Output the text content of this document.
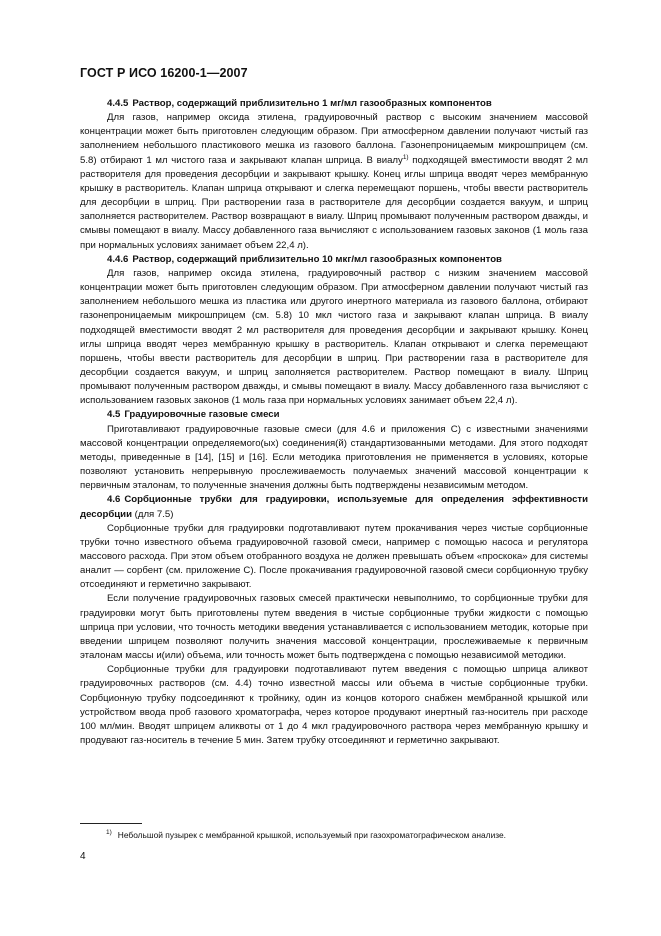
ГОСТ Р ИСО 16200-1—2007

4.4.5 Раствор, содержащий приблизительно 1 мг/мл газообразных компонентов

Для газов, например оксида этилена, градуировочный раствор с высоким значением массовой концентрации может быть приготовлен следующим образом. При атмосферном давлении получают чистый газ заполнением небольшого пластикового мешка из газового баллона. Газонепроницаемым микрошприцем (см. 5.8) отбирают 1 мл чистого газа и закрывают клапан шприца. В виалу$^{1)}$ подходящей вместимости вводят 2 мл растворителя для проведения десорбции и закрывают крышку. Конец иглы шприца вводят через мембранную крышку в растворитель. Клапан шприца открывают и слегка перемещают поршень, чтобы ввести растворитель для десорбции в шприц. При растворении газа в растворителе для десорбции создается вакуум, и шприц заполняется растворителем. Раствор возвращают в виалу. Шприц промывают полученным раствором дважды, и смывы помещают в виалу. Массу добавленного газа вычисляют с использованием газовых законов (1 моль газа при нормальных условиях занимает объем 22,4 л).

4.4.6 Раствор, содержащий приблизительно 10 мкг/мл газообразных компонентов

Для газов, например оксида этилена, градуировочный раствор с низким значением массовой концентрации может быть приготовлен следующим образом. При атмосферном давлении получают чистый газ заполнением небольшого мешка из пластика или другого инертного материала из газового баллона, отбирают газонепроницаемым микрошприцем (см. 5.8) 10 мкл чистого газа и закрывают клапан шприца. В виалу подходящей вместимости вводят 2 мл растворителя для проведения десорбции и закрывают крышку. Конец иглы шприца вводят через мембранную крышку в растворитель. Клапан открывают и слегка перемещают поршень, чтобы ввести растворитель для десорбции в шприц. При растворении газа в растворителе для десорбции создается вакуум, и шприц заполняется растворителем. Раствор помещают в виалу. Шприц промывают полученным раствором дважды, и смывы помещают в виалу. Массу добавленного газа вычисляют с использованием газовых законов (1 моль газа при нормальных условиях занимает объем 22,4 л).

4.5 Градуировочные газовые смеси

Приготавливают градуировочные газовые смеси (для 4.6 и приложения С) с известными значениями массовой концентрации определяемого(ых) соединения(й) стандартизованными методами. Для этого подходят методы, приведенные в [14], [15] и [16]. Если методика приготовления не применяется в условиях, которые позволяют установить непрерывную прослеживаемость получаемых значений массовой концентрации к первичным эталонам, то полученные значения должны быть подтверждены независимым методом.

4.6 Сорбционные трубки для градуировки, используемые для определения эффективности десорбции (для 7.5)

Сорбционные трубки для градуировки подготавливают путем прокачивания через чистые сорбционные трубки точно известного объема градуировочной газовой смеси, например с помощью насоса и регулятора массового расхода. При этом объем отобранного воздуха не должен превышать объем «проскока» для системы аналит — сорбент (см. приложение С). После прокачивания градуировочной газовой смеси сорбционную трубку отсоединяют и герметично закрывают.

Если получение градуировочных газовых смесей практически невыполнимо, то сорбционные трубки для градуировки могут быть приготовлены путем введения в чистые сорбционные трубки жидкости с помощью шприца при условии, что точность методики введения устанавливается с использованием методик, которые при введении шприцем позволяют получить значения массовой концентрации, прослеживаемые к первичным эталонам массы и(или) объема, или точность может быть подтверждена с помощью независимой методики.

Сорбционные трубки для градуировки подготавливают путем введения с помощью шприца аликвот градуировочных растворов (см. 4.4) точно известной массы или объема в чистые сорбционные трубки. Сорбционную трубку подсоединяют к тройнику, один из концов которого снабжен мембранной крышкой или устройством ввода проб газового хроматографа, через которое продувают инертный газ-носитель при расходе 100 мл/мин. Вводят шприцем аликвоты от 1 до 4 мкл градуировочного раствора через мембранную крышку и продувают газ-носитель в течение 5 мин. Затем трубку отсоединяют и герметично закрывают.

$^{1)}$ Небольшой пузырек с мембранной крышкой, используемый при газохроматографическом анализе.
4
